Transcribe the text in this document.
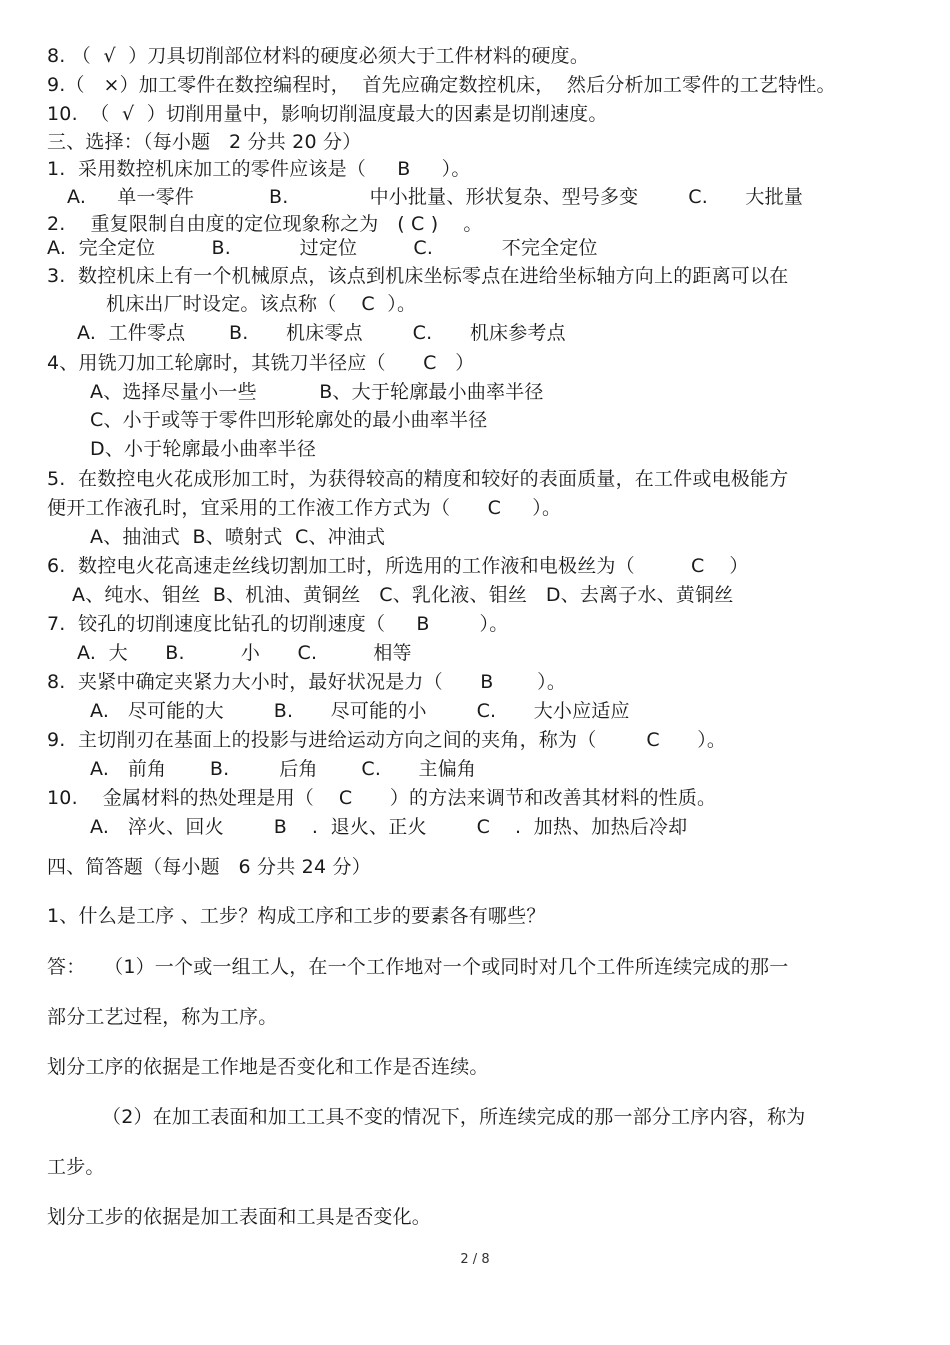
8. （  √  ）刀具切削部位材料的硬度必须大于工件材料的硬度。
9.（   ×）加工零件在数控编程时，  首先应确定数控机床，  然后分析加工零件的工艺特性。
10.  （  √  ）切削用量中，影响切削温度最大的因素是切削速度。
三、选择：（每小题   2 分共 20 分）
1.  采用数控机床加工的零件应该是（     B     ）。
A.     单一零件            B.             中小批量、形状复杂、型号多变        C.      大批量
2.    重复限制自由度的定位现象称之为   ( C )    。
A.  完全定位         B.           过定位         C.           不完全定位
3.  数控机床上有一个机械原点，该点到机床坐标零点在进给坐标轴方向上的距离可以在
机床出厂时设定。该点称（    C  ）。
A.  工件零点       B.      机床零点        C.      机床参考点
4、用铣刀加工轮廓时，其铣刀半径应（      C   ）
A、选择尽量小一些          B、大于轮廓最小曲率半径
C、小于或等于零件凹形轮廓处的最小曲率半径
D、小于轮廓最小曲率半径
5.  在数控电火花成形加工时，为获得较高的精度和较好的表面质量，在工件或电极能方
便开工作液孔时，宜采用的工作液工作方式为（      C     ）。
A、抽油式  B、喷射式  C、冲油式
6.  数控电火花高速走丝线切割加工时，所选用的工作液和电极丝为（         C    ）
A、纯水、钼丝  B、机油、黄铜丝   C、乳化液、钼丝   D、去离子水、黄铜丝
7.  铰孔的切削速度比钻孔的切削速度（     B        ）。
A.  大      B.         小      C.         相等
8.  夹紧中确定夹紧力大小时，最好状况是力（      B       ）。
A.   尽可能的大        B.      尽可能的小        C.      大小应适应
9.  主切削刃在基面上的投影与进给运动方向之间的夹角，称为（        C      ）。
A.   前角       B.        后角       C.      主偏角
10.    金属材料的热处理是用（    C      ）的方法来调节和改善其材料的性质。
A.   淬火、回火        B    .  退火、正火        C    .  加热、加热后冷却
四、简答题（每小题   6 分共 24 分）
1、什么是工序 、工步？构成工序和工步的要素各有哪些？
答：   （1）一个或一组工人，在一个工作地对一个或同时对几个工件所连续完成的那一
部分工艺过程，称为工序。
划分工序的依据是工作地是否变化和工作是否连续。
（2）在加工表面和加工工具不变的情况下，所连续完成的那一部分工序内容，称为
工步。
划分工步的依据是加工表面和工具是否变化。
2 / 8
